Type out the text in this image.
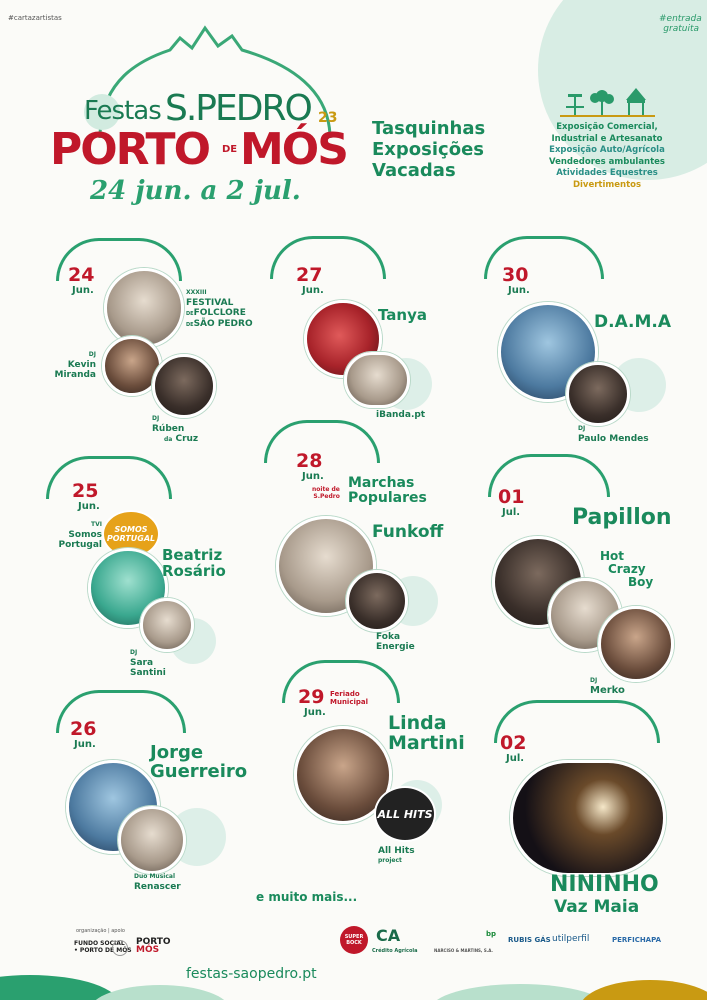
#cartazartistas	#entrada
gratuita
Exposição Comercial,
Industrial e Artesanato
Exposição Auto/Agrícola
Vendedores ambulantes
Atividades Equestres
Divertimentos
Festas S.PEDRO 23
PORTO DE MÓS
24 jun. a 2 jul.
Tasquinhas
Exposições
Vacadas
24
Jun.	XXXIII
FESTIVAL
DEFOLCLORE
DESÃO PEDRO
DJ
Kevin
Miranda
DJ
Rúben
da Cruz
27
Jun.
Tanya
iBanda.pt
30
Jun.
D.A.M.A
DJ
Paulo Mendes
25
Jun.
TVI
Somos
Portugal
SOMOS PORTUGAL
Beatriz
Rosário
DJ
Sara
Santini
28
Jun.
noite de
S.Pedro
Marchas
Populares
Funkoff
Foka
Energie
01
Jul. Papillon
Hot
Crazy
Boy
DJ
Merko
26
Jun.	Jorge
Guerreiro
Duo Musical
Renascer
29
Jun.
Feriado
Municipal
Linda
Martini
ALL HITS
All Hits
project
02
Jul.
NININHO
Vaz Maia
e muito mais...
organização | apoio
FUNDO SOCIAL
• PORTO DE MÓS
PORTO
MÓS
SUPER BOCK CA
Crédito Agrícola	NARCISO & MARTINS, S.A.
bp
RUBIS GÁS utilperfil	PERFICHAPA
festas-saopedro.pt
